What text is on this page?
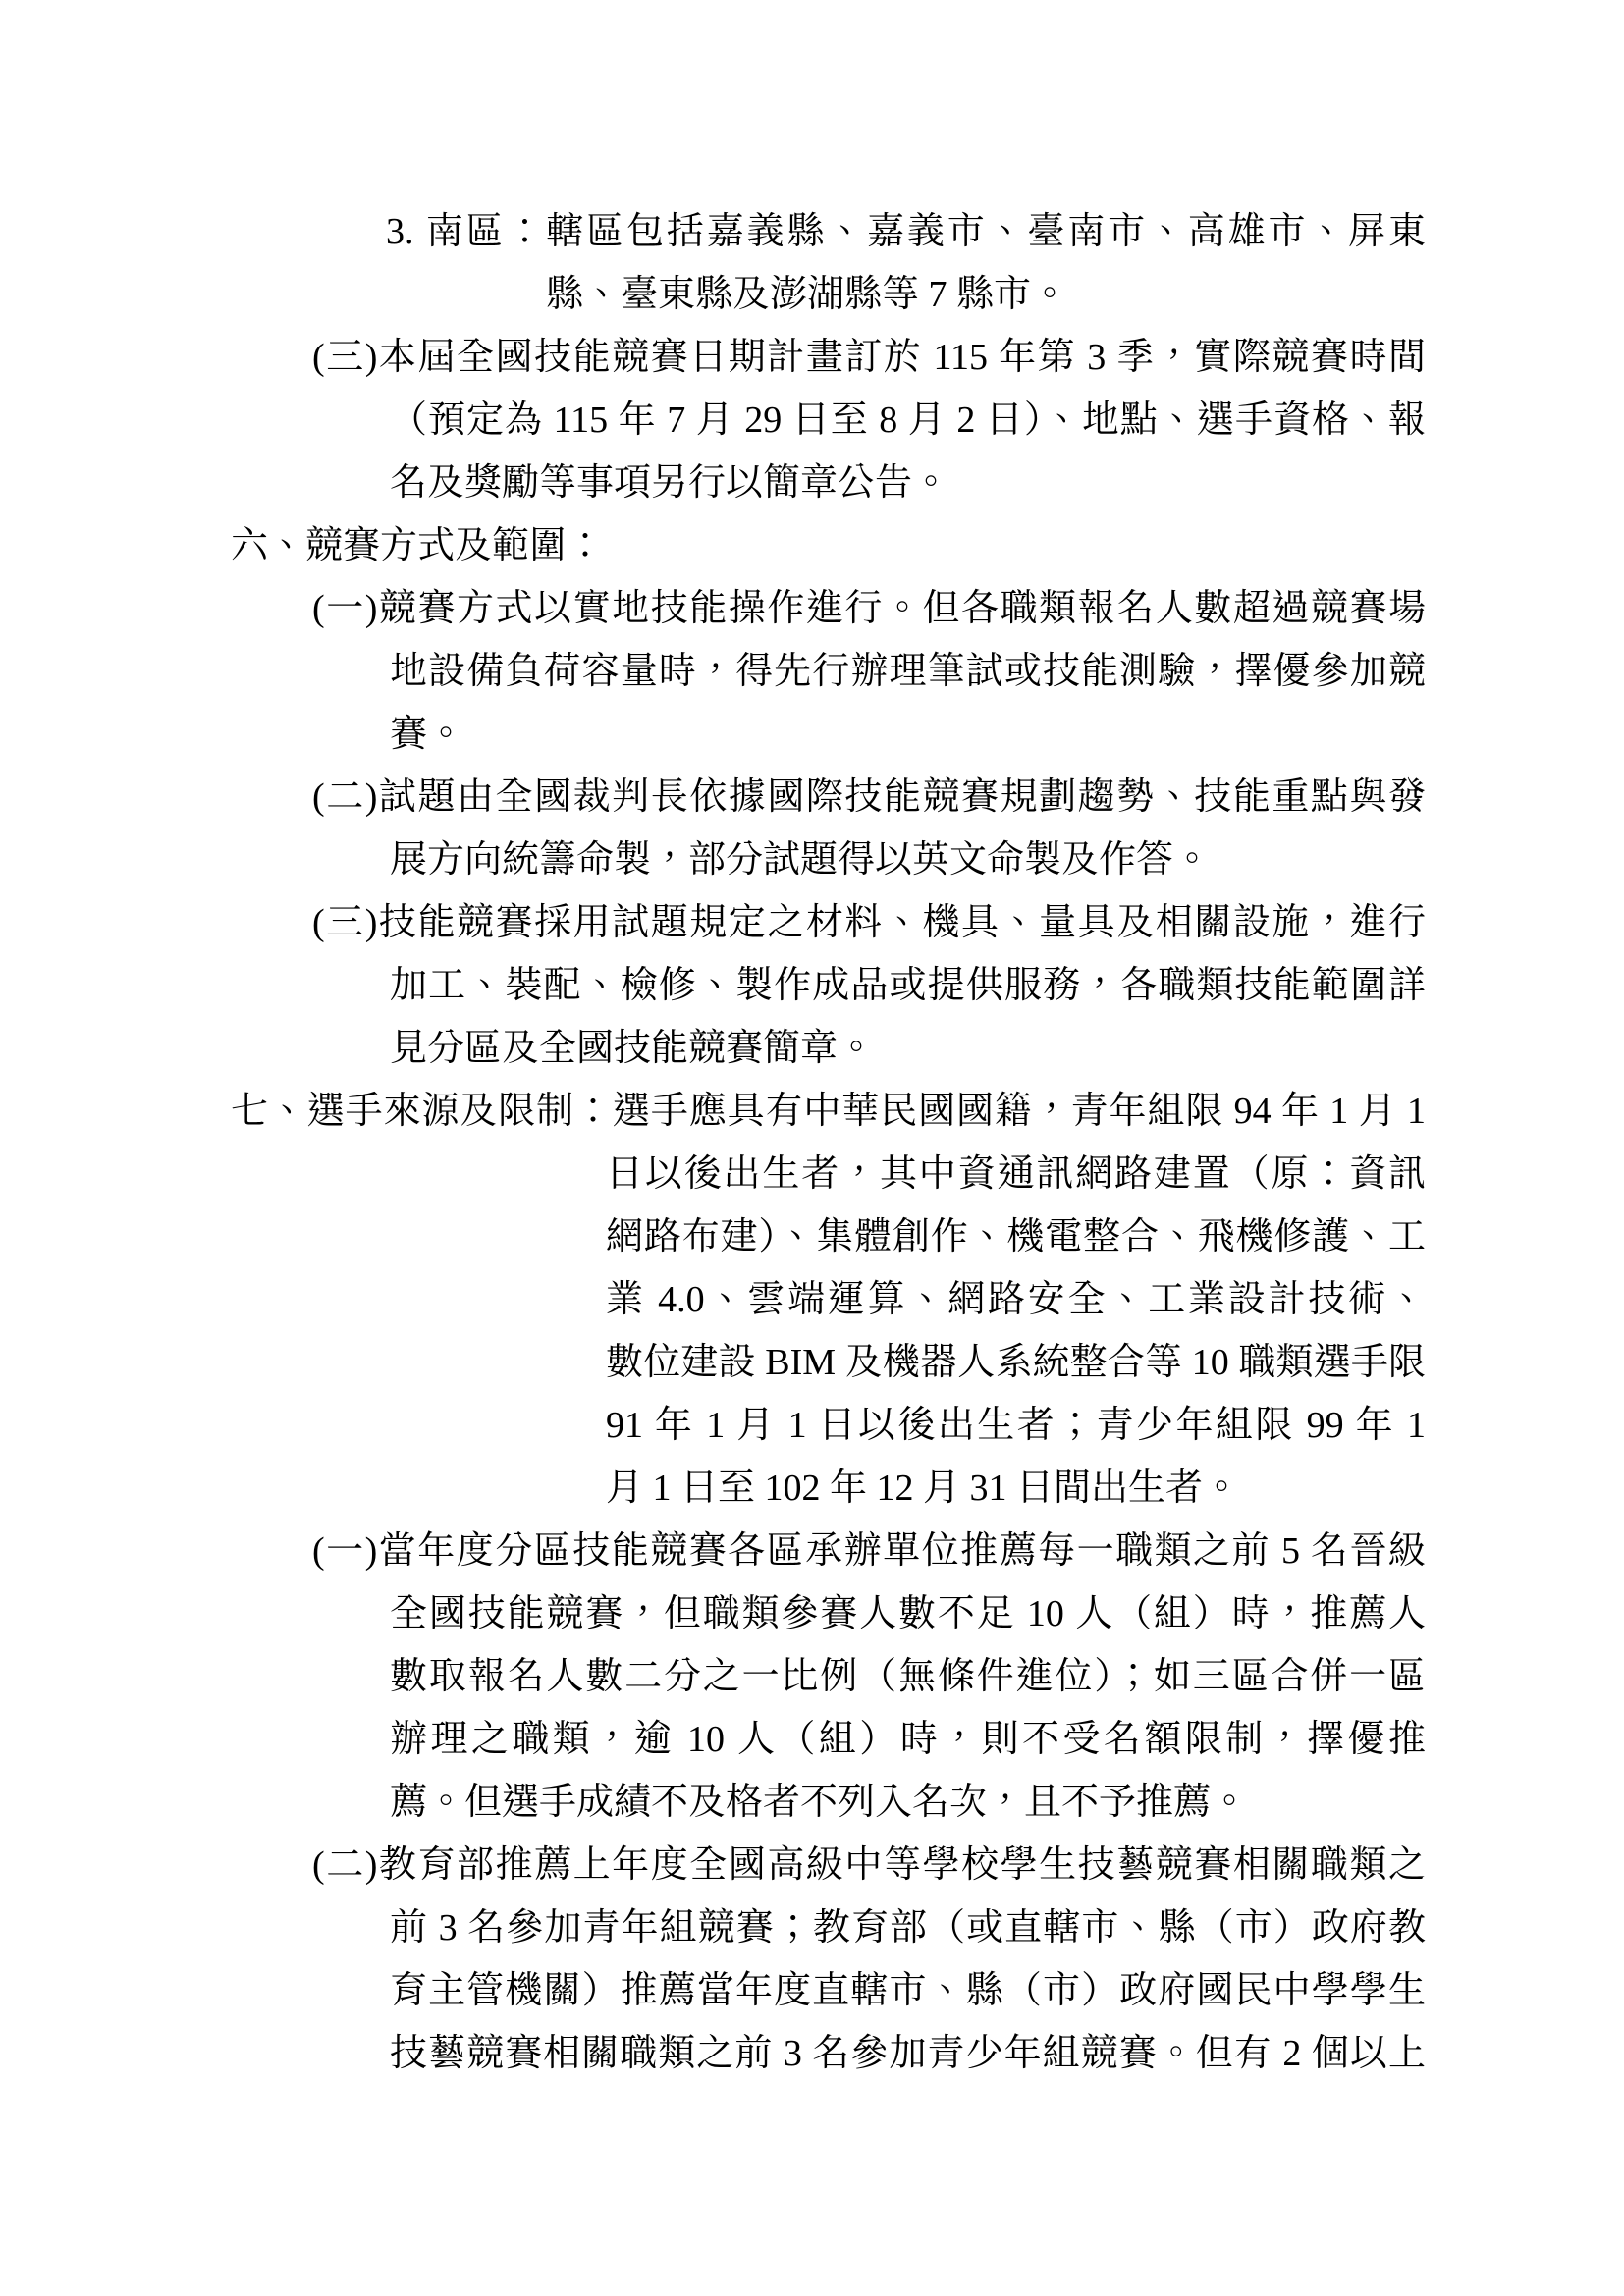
3. 南區：轄區包括嘉義縣、嘉義市、臺南市、高雄市、屏東
縣、臺東縣及澎湖縣等 7 縣市。
(三)本屆全國技能競賽日期計畫訂於 115 年第 3 季，實際競賽時間
（預定為 115 年 7 月 29 日至 8 月 2 日）、地點、選手資格、報
名及獎勵等事項另行以簡章公告。
六、競賽方式及範圍：
(一)競賽方式以實地技能操作進行。但各職類報名人數超過競賽場
地設備負荷容量時，得先行辦理筆試或技能測驗，擇優參加競
賽。
(二)試題由全國裁判長依據國際技能競賽規劃趨勢、技能重點與發
展方向統籌命製，部分試題得以英文命製及作答。
(三)技能競賽採用試題規定之材料、機具、量具及相關設施，進行
加工、裝配、檢修、製作成品或提供服務，各職類技能範圍詳
見分區及全國技能競賽簡章。
七、選手來源及限制：選手應具有中華民國國籍，青年組限 94 年 1 月 1
日以後出生者，其中資通訊網路建置（原：資訊
網路布建）、集體創作、機電整合、飛機修護、工
業 4.0、雲端運算、網路安全、工業設計技術、
數位建設 BIM 及機器人系統整合等 10 職類選手限
91 年 1 月 1 日以後出生者；青少年組限 99 年 1
月 1 日至 102 年 12 月 31 日間出生者。
(一)當年度分區技能競賽各區承辦單位推薦每一職類之前 5 名晉級
全國技能競賽，但職類參賽人數不足 10 人（組）時，推薦人
數取報名人數二分之一比例（無條件進位）；如三區合併一區
辦理之職類，逾 10 人（組）時，則不受名額限制，擇優推
薦。但選手成績不及格者不列入名次，且不予推薦。
(二)教育部推薦上年度全國高級中等學校學生技藝競賽相關職類之
前 3 名參加青年組競賽；教育部（或直轄市、縣（市）政府教
育主管機關）推薦當年度直轄市、縣（市）政府國民中學學生
技藝競賽相關職類之前 3 名參加青少年組競賽。但有 2 個以上
